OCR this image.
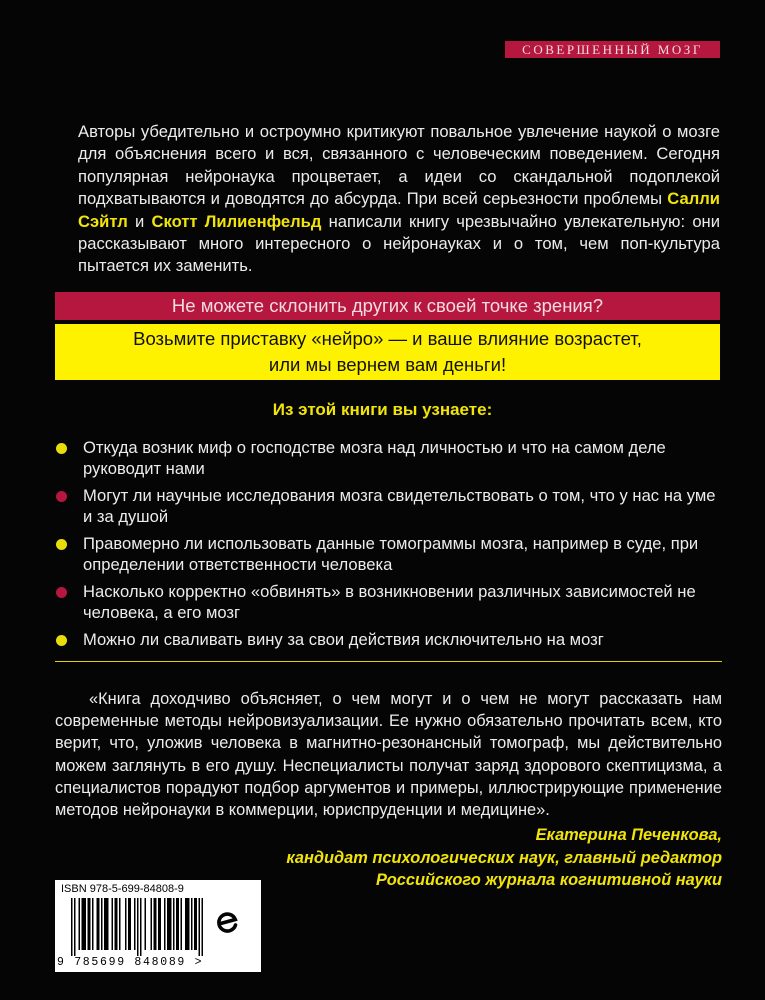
СОВЕРШЕННЫЙ МОЗГ

Авторы убедительно и остроумно критикуют повальное увлечение наукой о мозге для объяснения всего и вся, связанного с человеческим поведением. Сегодня популярная нейронаука процветает, а идеи со скандальной подоплекой подхватываются и доводятся до абсурда. При всей серьезности проблемы Салли Сэйтл и Скотт Лилиенфельд написали книгу чрезвычайно увлекательную: они рассказывают много интересного о нейронауках и о том, чем поп-культура пытается их заменить.

Не можете склонить других к своей точке зрения?
Возьмите приставку «нейро» — и ваше влияние возрастет,
или мы вернем вам деньги!
Из этой книги вы узнаете:
Откуда возник миф о господстве мозга над личностью и что на самом деле руководит нами
Могут ли научные исследования мозга свидетельствовать о том, что у нас на уме и за душой
Правомерно ли использовать данные томограммы мозга, например в суде, при определении ответственности человека
Насколько корректно «обвинять» в возникновении различных зависимостей не человека, а его мозг
Можно ли сваливать вину за свои действия исключительно на мозг

«Книга доходчиво объясняет, о чем могут и о чем не могут рассказать нам современные методы нейровизуализации. Ее нужно обязательно прочитать всем, кто верит, что, уложив человека в магнитно-резонансный томограф, мы действительно можем заглянуть в его душу. Неспециалисты получат заряд здорового скептицизма, а специалистов порадуют подбор аргументов и примеры, иллюстрирующие применение методов нейронауки в коммерции, юриспруденции и медицине».

Екатерина Печенкова,
кандидат психологических наук, главный редактор
Российского журнала когнитивной науки
ISBN 978-5-699-84808-9
9 785699 848089 >
